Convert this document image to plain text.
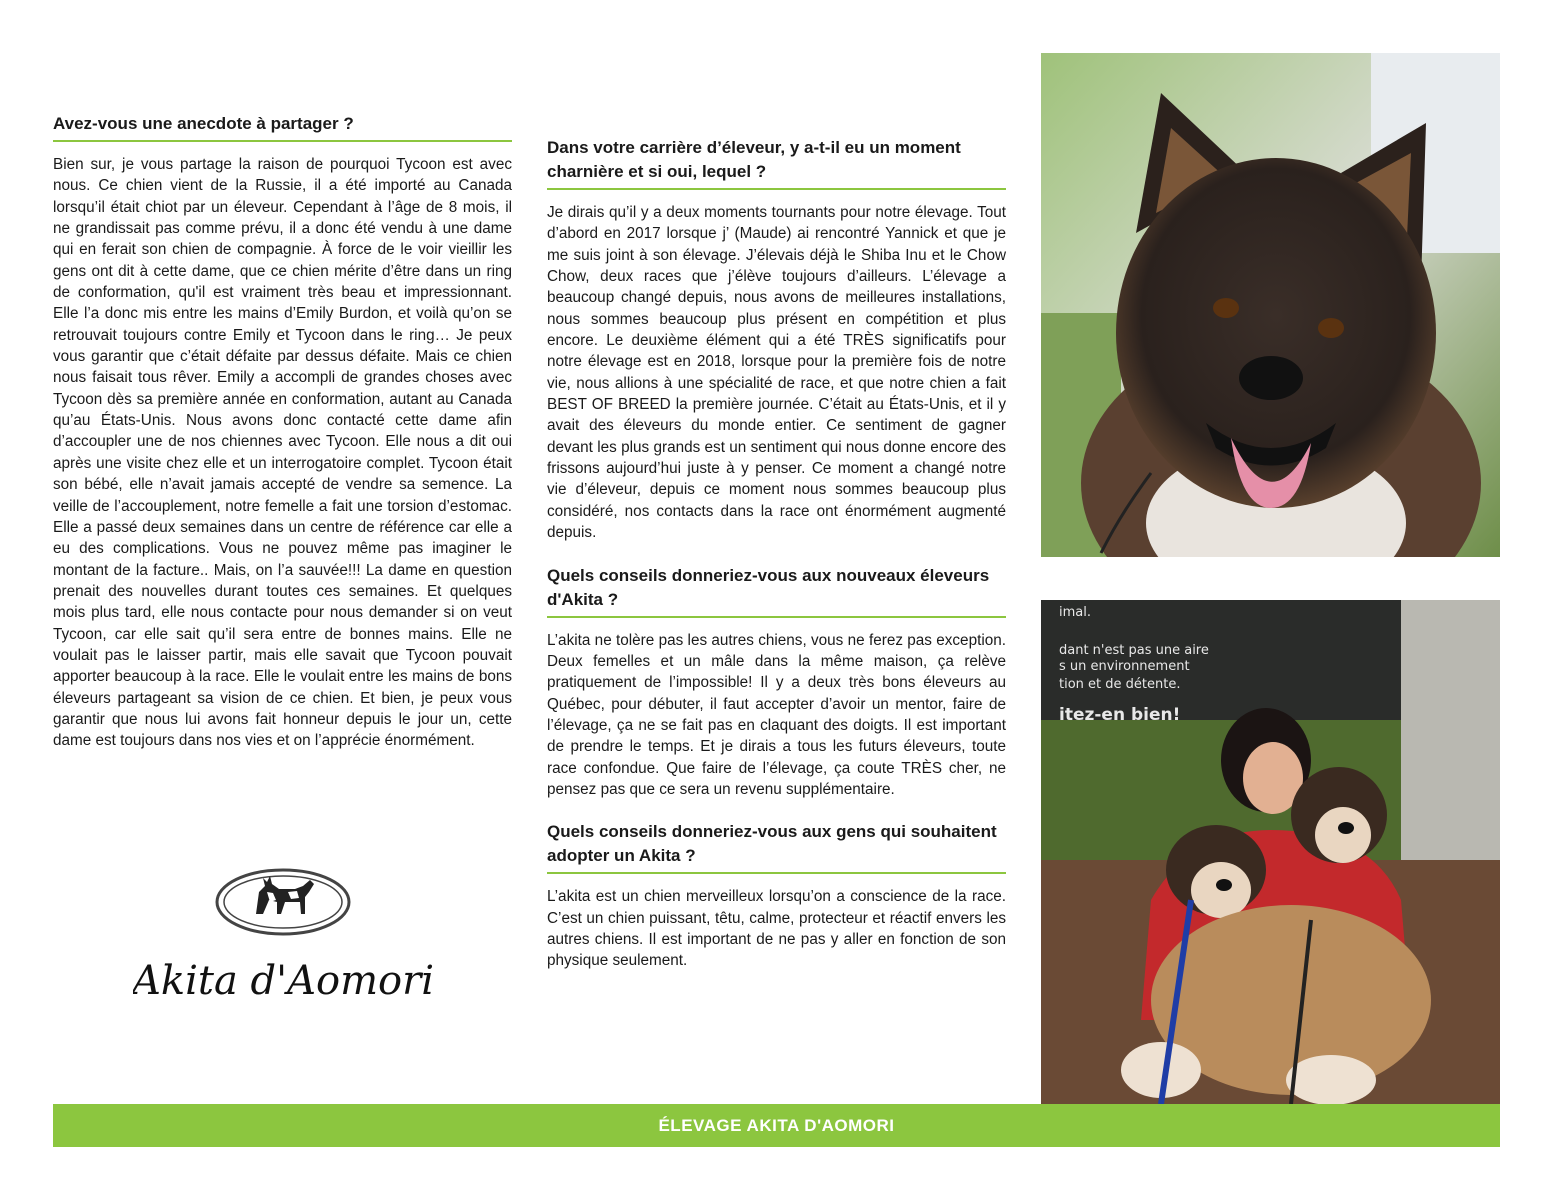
Avez-vous une anecdote à partager ?

Bien sur, je vous partage la raison de pourquoi Tycoon est avec nous. Ce chien vient de la Russie, il a été importé au Canada lorsqu’il était chiot par un éleveur. Cependant à l’âge de 8 mois, il ne grandissait pas comme prévu, il a donc été vendu à une dame qui en ferait son chien de compagnie. À force de le voir vieillir les gens ont dit à cette dame, que ce chien mérite d’être dans un ring de conformation, qu'il est vraiment très beau et impressionnant. Elle l’a donc mis entre les mains d’Emily Burdon, et voilà qu’on se retrouvait toujours contre Emily et Tycoon dans le ring… Je peux vous garantir que c’était défaite par dessus défaite. Mais ce chien nous faisait tous rêver. Emily a accompli de grandes choses avec Tycoon dès sa première année en conformation, autant au Canada qu’au États-Unis. Nous avons donc contacté cette dame afin d’accoupler une de nos chiennes avec Tycoon. Elle nous a dit oui après une visite chez elle et un interrogatoire complet. Tycoon était son bébé, elle n’avait jamais accepté de vendre sa semence. La veille de l’accouplement, notre femelle a fait une torsion d’estomac. Elle a passé deux semaines dans un centre de référence car elle a eu des complications. Vous ne pouvez même pas imaginer le montant de la facture.. Mais, on l’a sauvée!!! La dame en question prenait des nouvelles durant toutes ces semaines. Et quelques mois plus tard, elle nous contacte pour nous demander si on veut Tycoon, car elle sait qu’il sera entre de bonnes mains. Elle ne voulait pas le laisser partir, mais elle savait que Tycoon pouvait apporter beaucoup à la race. Elle le voulait entre les mains de bons éleveurs partageant sa vision de ce chien. Et bien, je peux vous garantir que nous lui avons fait honneur depuis le jour un, cette dame est toujours dans nos vies et on l’apprécie énormément.

Akita d'Aomori
Dans votre carrière d’éleveur, y a-t-il eu un moment charnière et si oui, lequel ?

Je dirais qu’il y a deux moments tournants pour notre élevage. Tout d’abord en 2017 lorsque j’ (Maude) ai rencontré Yannick et que je me suis joint à son élevage. J’élevais déjà le Shiba Inu et le Chow Chow, deux races que j’élève toujours d’ailleurs. L’élevage a beaucoup changé depuis, nous avons de meilleures installations, nous sommes beaucoup plus présent en compétition et plus encore. Le deuxième élément qui a été TRÈS significatifs pour notre élevage est en 2018, lorsque pour la première fois de notre vie, nous allions à une spécialité de race, et que notre chien a fait BEST OF BREED la première journée. C’était au États-Unis, et il y avait des éleveurs du monde entier. Ce sentiment de gagner devant les plus grands est un sentiment qui nous donne encore des frissons aujourd’hui juste à y penser. Ce moment a changé notre vie d’éleveur, depuis ce moment nous sommes beaucoup plus considéré, nos contacts dans la race ont énormément augmenté depuis.

Quels conseils donneriez-vous aux nouveaux éleveurs d'Akita ?

L’akita ne tolère pas les autres chiens, vous ne ferez pas exception. Deux femelles et un mâle dans la même maison, ça relève pratiquement de l’impossible! Il y a deux très bons éleveurs au Québec, pour débuter, il faut accepter d’avoir un mentor, faire de l’élevage, ça ne se fait pas en claquant des doigts. Il est important de prendre le temps. Et je dirais a tous les futurs éleveurs, toute race confondue. Que faire de l’élevage, ça coute TRÈS cher, ne pensez pas que ce sera un revenu supplémentaire.

Quels conseils donneriez-vous aux gens qui souhaitent adopter un Akita ?

L’akita est un chien merveilleux lorsqu’on a conscience de la race. C’est un chien puissant, têtu, calme, protecteur et réactif envers les autres chiens. Il est important de ne pas y aller en fonction de son physique seulement.

imal.
dant n'est pas une aire
s un environnement
tion et de détente.
itez-en bien!
ÉLEVAGE AKITA D'AOMORI
